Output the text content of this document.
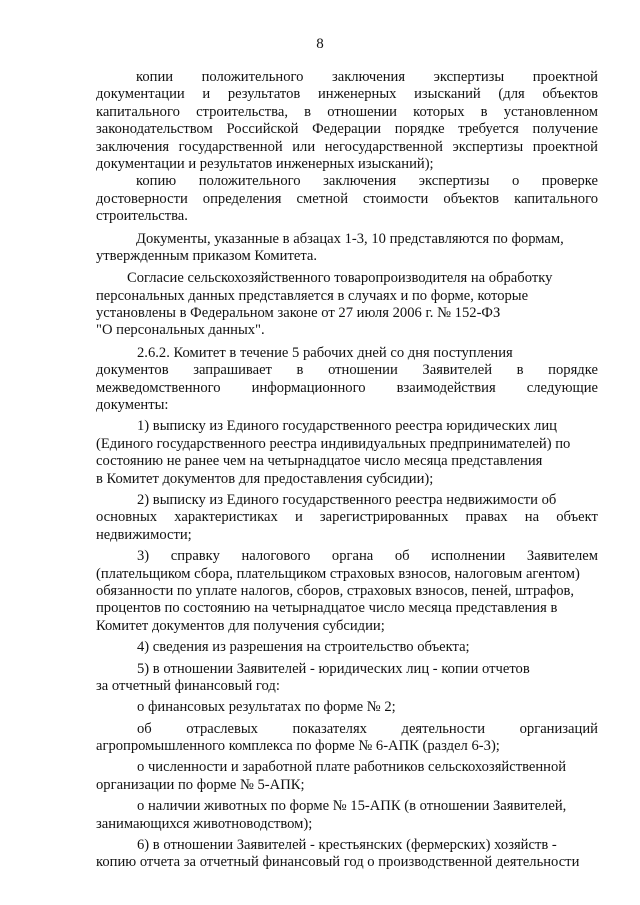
8
копии положительного заключения экспертизы проектной
документации и результатов инженерных изысканий (для объектов
капитального строительства, в отношении которых в установленном
законодательством Российской Федерации порядке требуется получение
заключения государственной или негосударственной экспертизы проектной
документации и результатов инженерных изысканий);
копию положительного заключения экспертизы о проверке
достоверности определения сметной стоимости объектов капитального
строительства.
Документы, указанные в абзацах 1-3, 10 представляются по формам,
утвержденным приказом Комитета.
Согласие сельскохозяйственного товаропроизводителя на обработку
персональных данных представляется в случаях и по форме, которые
установлены в Федеральном законе от 27 июля 2006 г. № 152-ФЗ
"О персональных данных".
2.6.2. Комитет в течение 5 рабочих дней со дня поступления
документов запрашивает в отношении Заявителей в порядке
межведомственного информационного взаимодействия следующие
документы:
1) выписку из Единого государственного реестра юридических лиц
(Единого государственного реестра индивидуальных предпринимателей) по
состоянию не ранее чем на четырнадцатое число месяца представления
в Комитет документов для предоставления субсидии);
2) выписку из Единого государственного реестра недвижимости об
основных характеристиках и зарегистрированных правах на объект
недвижимости;
3) справку налогового органа об исполнении Заявителем
(плательщиком сбора, плательщиком страховых взносов, налоговым агентом)
обязанности по уплате налогов, сборов, страховых взносов, пеней, штрафов,
процентов по состоянию на четырнадцатое число месяца представления в
Комитет документов для получения субсидии;
4) сведения из разрешения на строительство объекта;
5) в отношении Заявителей - юридических лиц - копии отчетов
за отчетный финансовый год:
о финансовых результатах по форме № 2;
об отраслевых показателях деятельности организаций
агропромышленного комплекса по форме № 6-АПК (раздел 6-3);
о численности и заработной плате работников сельскохозяйственной
организации по форме № 5-АПК;
о наличии животных по форме № 15-АПК (в отношении Заявителей,
занимающихся животноводством);
6) в отношении Заявителей - крестьянских (фермерских) хозяйств -
копию отчета за отчетный финансовый год о производственной деятельности
